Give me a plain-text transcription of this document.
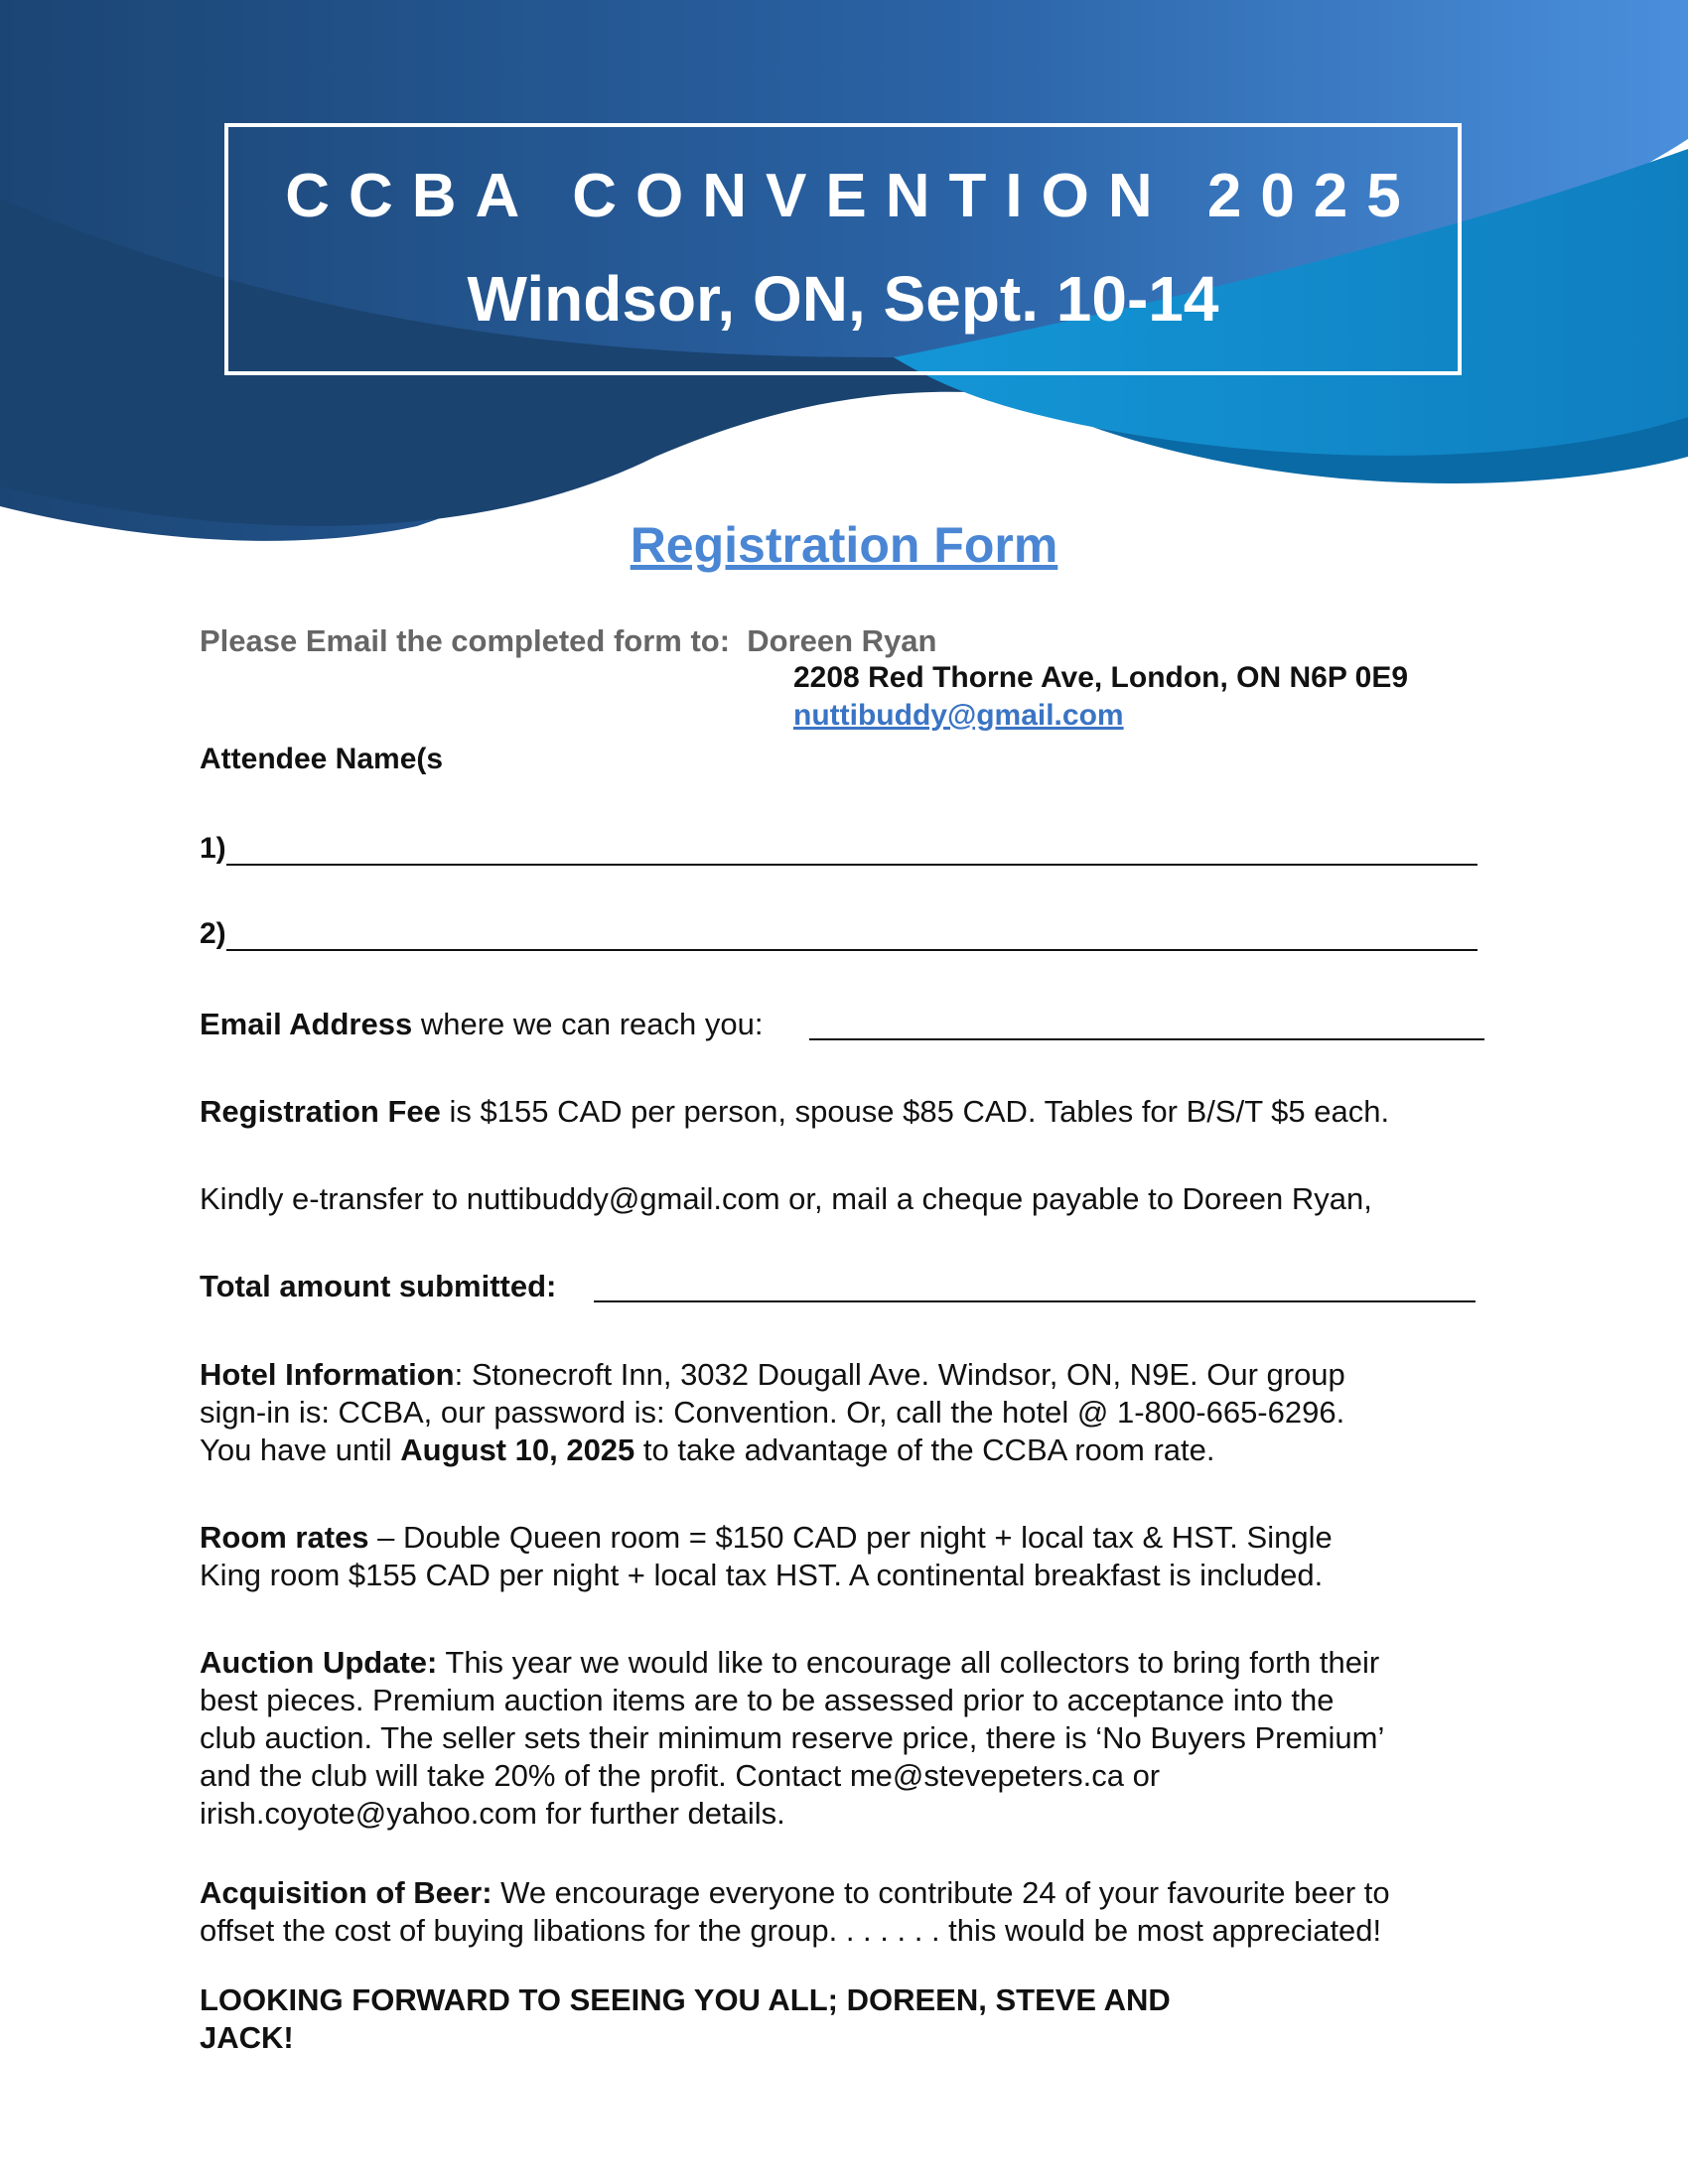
CCBA CONVENTION 2025
Windsor, ON, Sept. 10-14
Registration Form
Please Email the completed form to: Doreen Ryan
2208 Red Thorne Ave, London, ON N6P 0E9
nuttibuddy@gmail.com
Attendee Name(s
1)
2)
Email Address where we can reach you:
Registration Fee is $155 CAD per person, spouse $85 CAD. Tables for B/S/T $5 each.
Kindly e-transfer to nuttibuddy@gmail.com or, mail a cheque payable to Doreen Ryan,
Total amount submitted:
Hotel Information: Stonecroft Inn, 3032 Dougall Ave. Windsor, ON, N9E. Our group
sign-in is: CCBA, our password is: Convention. Or, call the hotel @ 1-800-665-6296.
You have until August 10, 2025 to take advantage of the CCBA room rate.
Room rates – Double Queen room = $150 CAD per night + local tax & HST. Single
King room $155 CAD per night + local tax HST. A continental breakfast is included.
Auction Update: This year we would like to encourage all collectors to bring forth their
best pieces. Premium auction items are to be assessed prior to acceptance into the
club auction. The seller sets their minimum reserve price, there is ‘No Buyers Premium’
and the club will take 20% of the profit. Contact me@stevepeters.ca or
irish.coyote@yahoo.com for further details.
Acquisition of Beer: We encourage everyone to contribute 24 of your favourite beer to
offset the cost of buying libations for the group. . . . . . . this would be most appreciated!
LOOKING FORWARD TO SEEING YOU ALL; DOREEN, STEVE AND
JACK!
